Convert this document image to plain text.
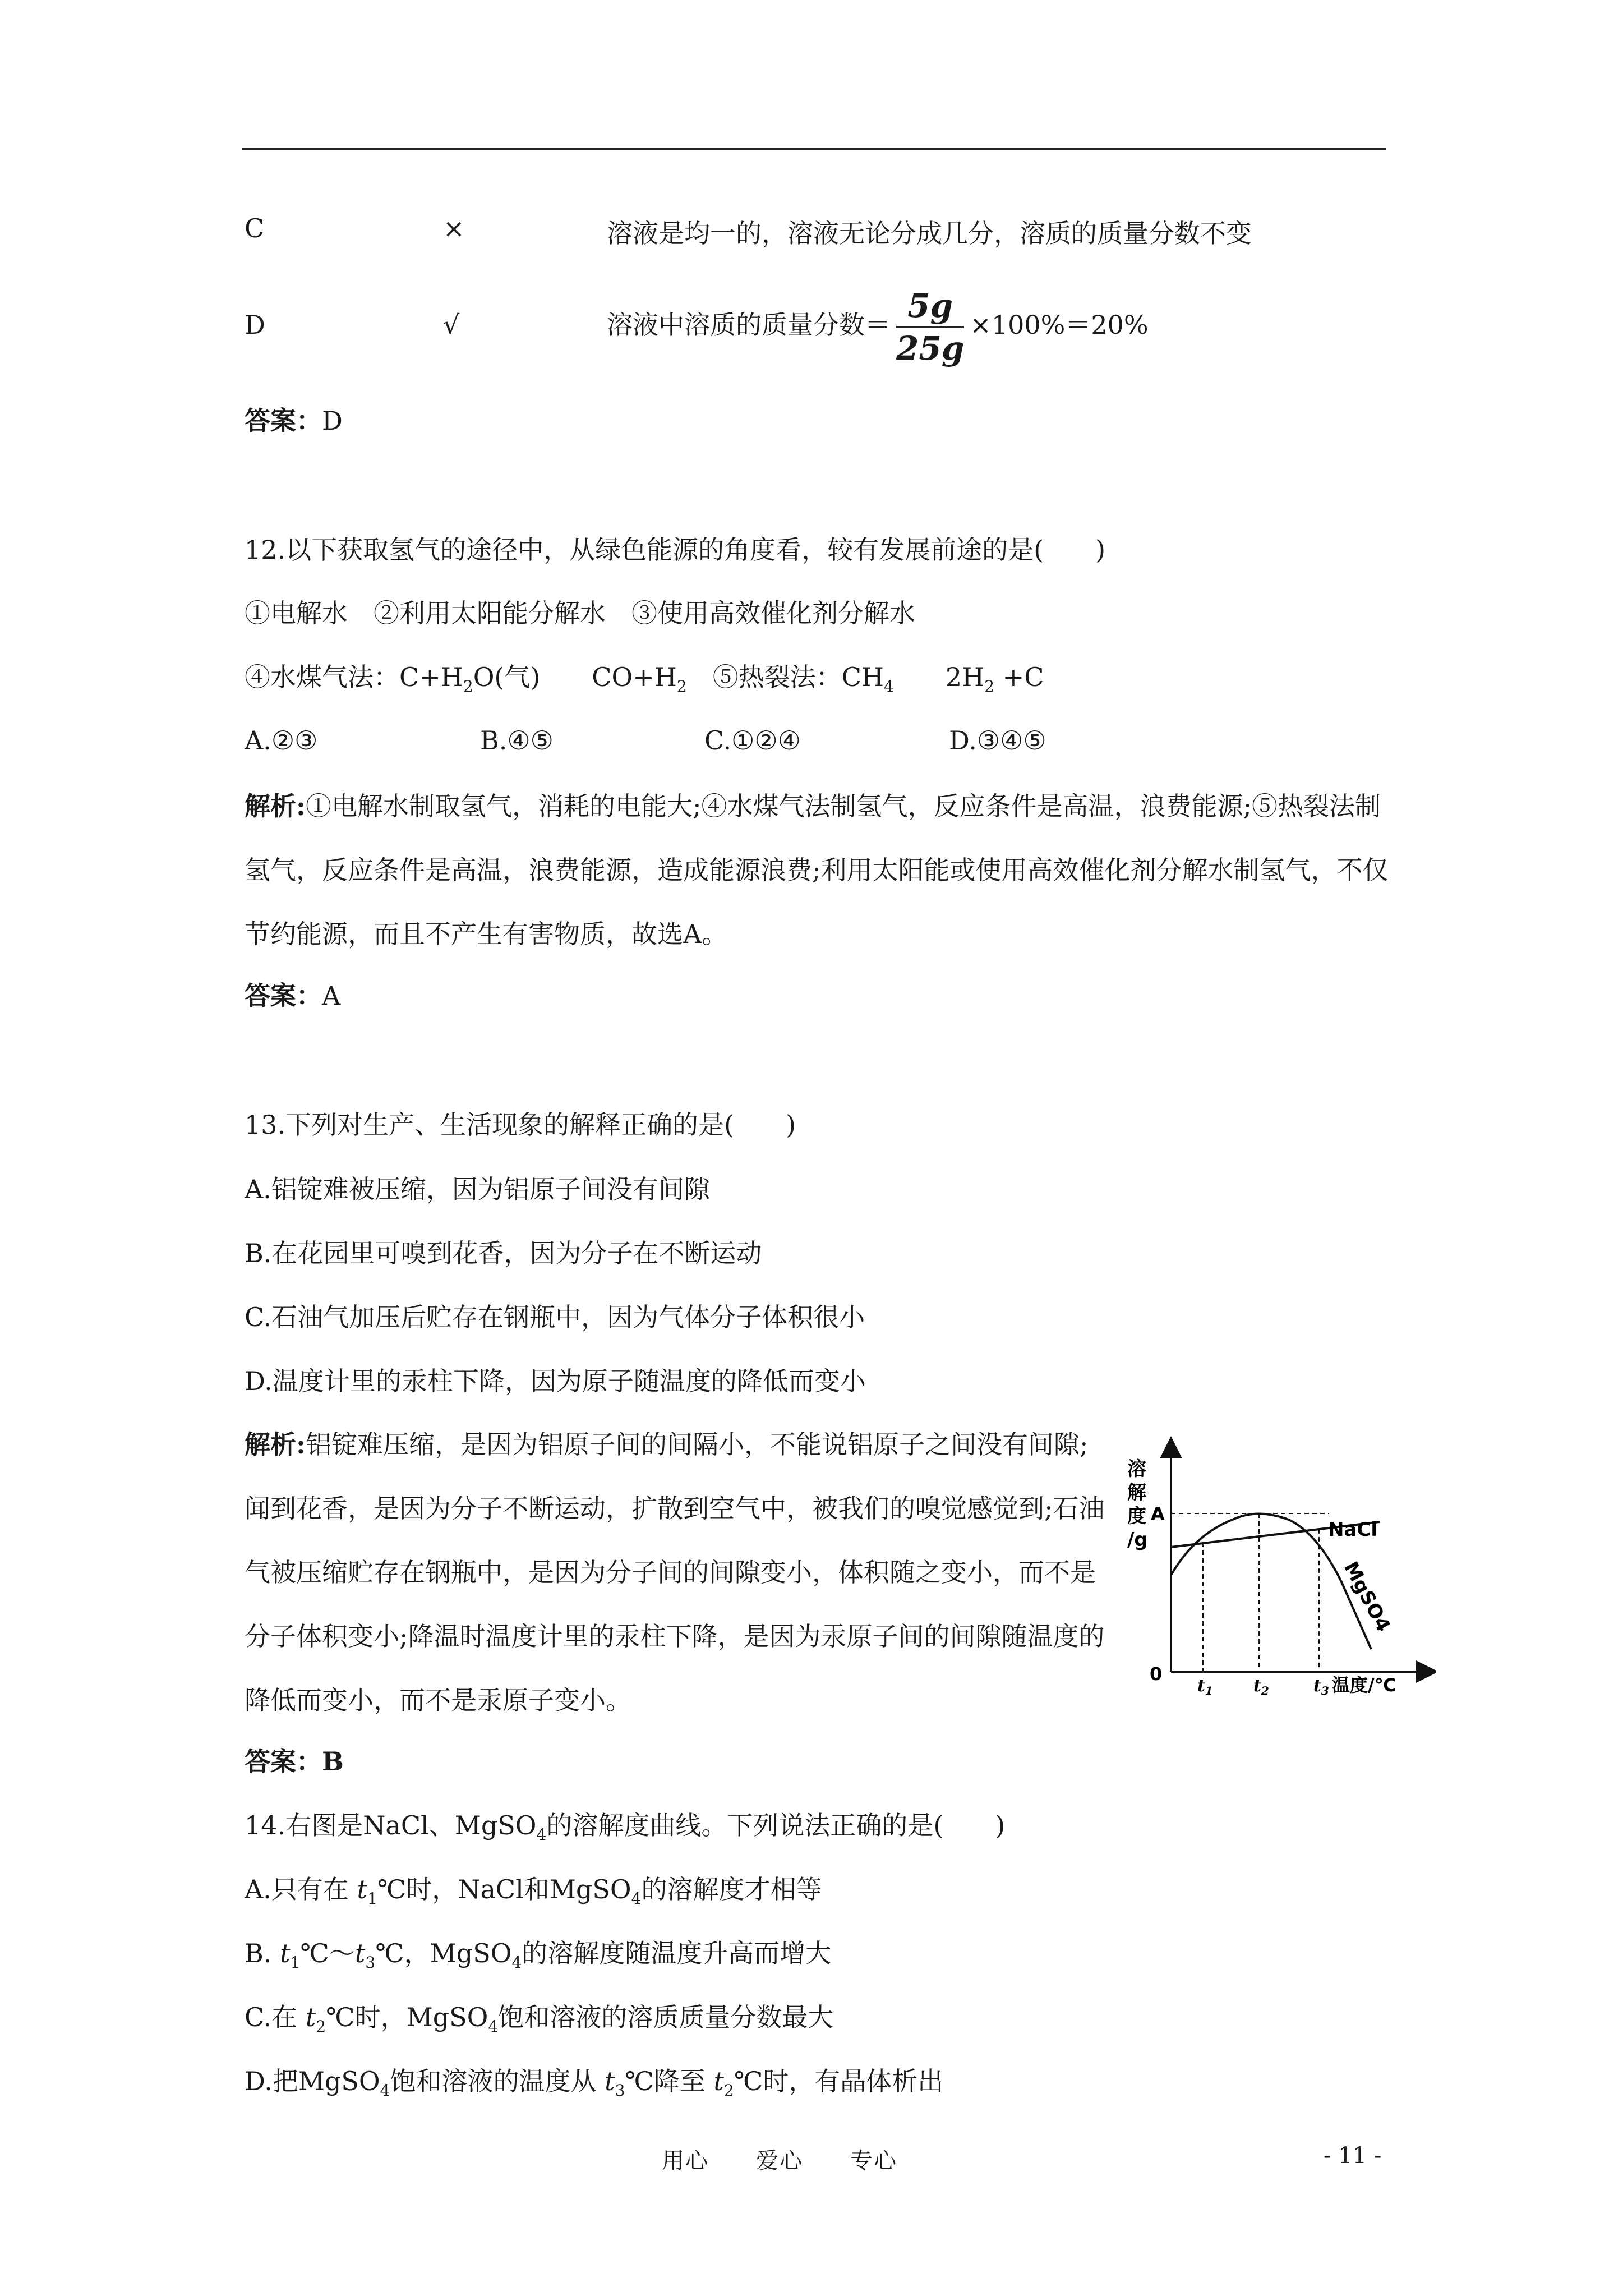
C	×	溶液是均一的，溶液无论分成几分，溶质的质量分数不变
D	√	溶液中溶质的质量分数＝ $\frac{5g}{25g} \times 100\%=20\%$
答案：D
12.以下获取氢气的途径中，从绿色能源的角度看，较有发展前途的是(　　)
①电解水　②利用太阳能分解水　③使用高效催化剂分解水
④水煤气法：$C+H_2O$(气)　　$CO+H_2$　⑤热裂法：$CH_4$　　$2H_2 +C$
A.②③	B.④⑤	C.①②④	D.③④⑤
解析:①电解水制取氢气，消耗的电能大;④水煤气法制氢气，反应条件是高温，浪费能源;⑤热裂法制氢气，反应条件是高温，浪费能源，造成能源浪费;利用太阳能或使用高效催化剂分解水制氢气，不仅节约能源，而且不产生有害物质，故选A。
答案：A
13.下列对生产、生活现象的解释正确的是(　　)
A.铝锭难被压缩，因为铝原子间没有间隙
B.在花园里可嗅到花香，因为分子在不断运动
C.石油气加压后贮存在钢瓶中，因为气体分子体积很小
D.温度计里的汞柱下降，因为原子随温度的降低而变小
解析:铝锭难压缩，是因为铝原子间的间隔小，不能说铝原子之间没有间隙;闻到花香，是因为分子不断运动，扩散到空气中，被我们的嗅觉感觉到;石油气被压缩贮存在钢瓶中，是因为分子间的间隙变小，体积随之变小，而不是分子体积变小;降温时温度计里的汞柱下降，是因为汞原子间的间隙随温度的降低而变小，而不是汞原子变小。
答案：B
溶 解 度 /g
A
0
NaCl
MgSO4
$t_1$ $t_2$	$t_3$ 温度/℃
14.右图是NaCl、MgSO$_4$的溶解度曲线。下列说法正确的是(　　)
A.只有在 $t_1℃$时，NaCl和MgSO$_4$的溶解度才相等
B. $t_1℃\sim t_3℃$，MgSO$_4$的溶解度随温度升高而增大
C.在 $t_2℃$时，MgSO$_4$饱和溶液的溶质质量分数最大
D.把MgSO$_4$饱和溶液的温度从 $t_3℃$降至 $t_2℃$时，有晶体析出
用心　　爱心　　专心	- 11 -
